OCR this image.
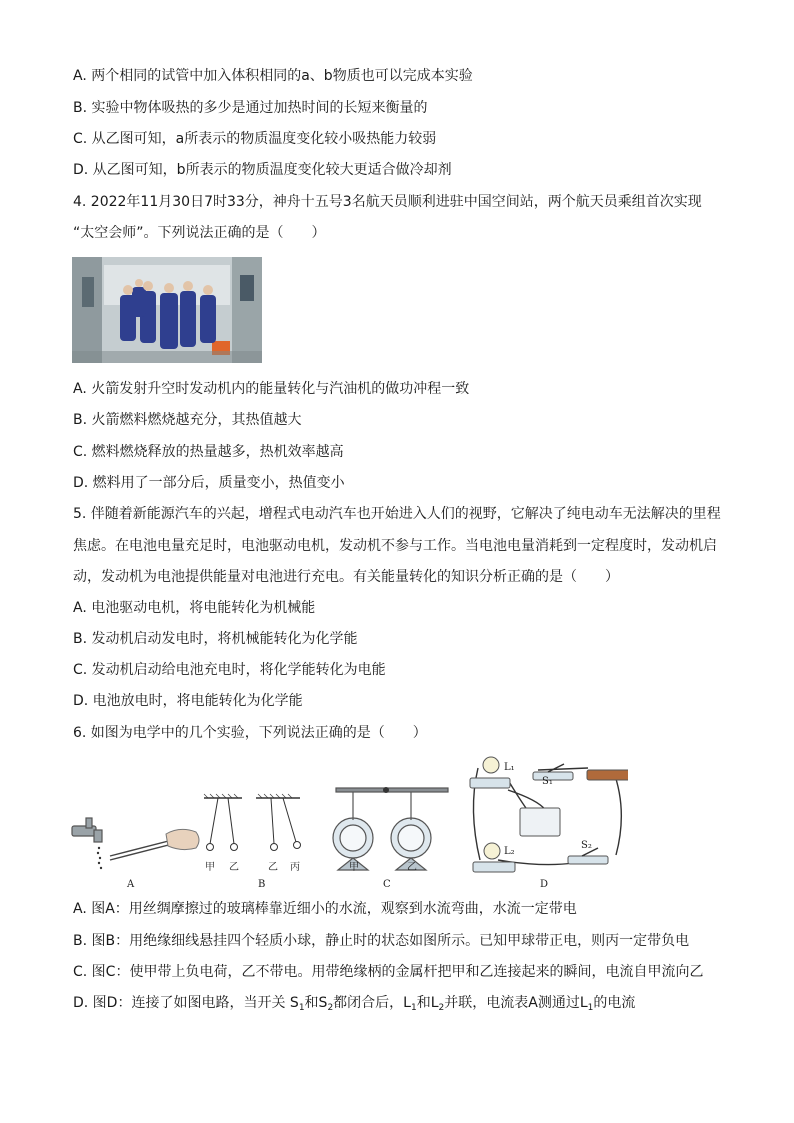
A. 两个相同的试管中加入体积相同的a、b物质也可以完成本实验
B. 实验中物体吸热的多少是通过加热时间的长短来衡量的
C. 从乙图可知，a所表示的物质温度变化较小吸热能力较弱
D. 从乙图可知，b所表示的物质温度变化较大更适合做冷却剂
4. 2022年11月30日7时33分，神舟十五号3名航天员顺利进驻中国空间站，两个航天员乘组首次实现
“太空会师”。下列说法正确的是（　　）
A. 火箭发射升空时发动机内的能量转化与汽油机的做功冲程一致
B. 火箭燃料燃烧越充分，其热值越大
C. 燃料燃烧释放的热量越多，热机效率越高
D. 燃料用了一部分后，质量变小，热值变小
5. 伴随着新能源汽车的兴起，增程式电动汽车也开始进入人们的视野，它解决了纯电动车无法解决的里程
焦虑。在电池电量充足时，电池驱动电机，发动机不参与工作。当电池电量消耗到一定程度时，发动机启
动，发动机为电池提供能量对电池进行充电。有关能量转化的知识分析正确的是（　　）
A. 电池驱动电机，将电能转化为机械能
B. 发动机启动发电时，将机械能转化为化学能
C. 发动机启动给电池充电时，将化学能转化为电能
D. 电池放电时，将电能转化为化学能
6. 如图为电学中的几个实验，下列说法正确的是（　　）
A	B	C	D
甲 乙	乙 丙	甲	乙
L₁
L₂
S₁
S₂
A. 图A：用丝绸摩擦过的玻璃棒靠近细小的水流，观察到水流弯曲，水流一定带电
B. 图B：用绝缘细线悬挂四个轻质小球，静止时的状态如图所示。已知甲球带正电，则丙一定带负电
C. 图C：使甲带上负电荷，乙不带电。用带绝缘柄的金属杆把甲和乙连接起来的瞬间，电流自甲流向乙
D. 图D：连接了如图电路，当开关 $S_1$和$S_2$都闭合后，$L_1$和$L_2$并联，电流表A测通过$L_1$的电流
